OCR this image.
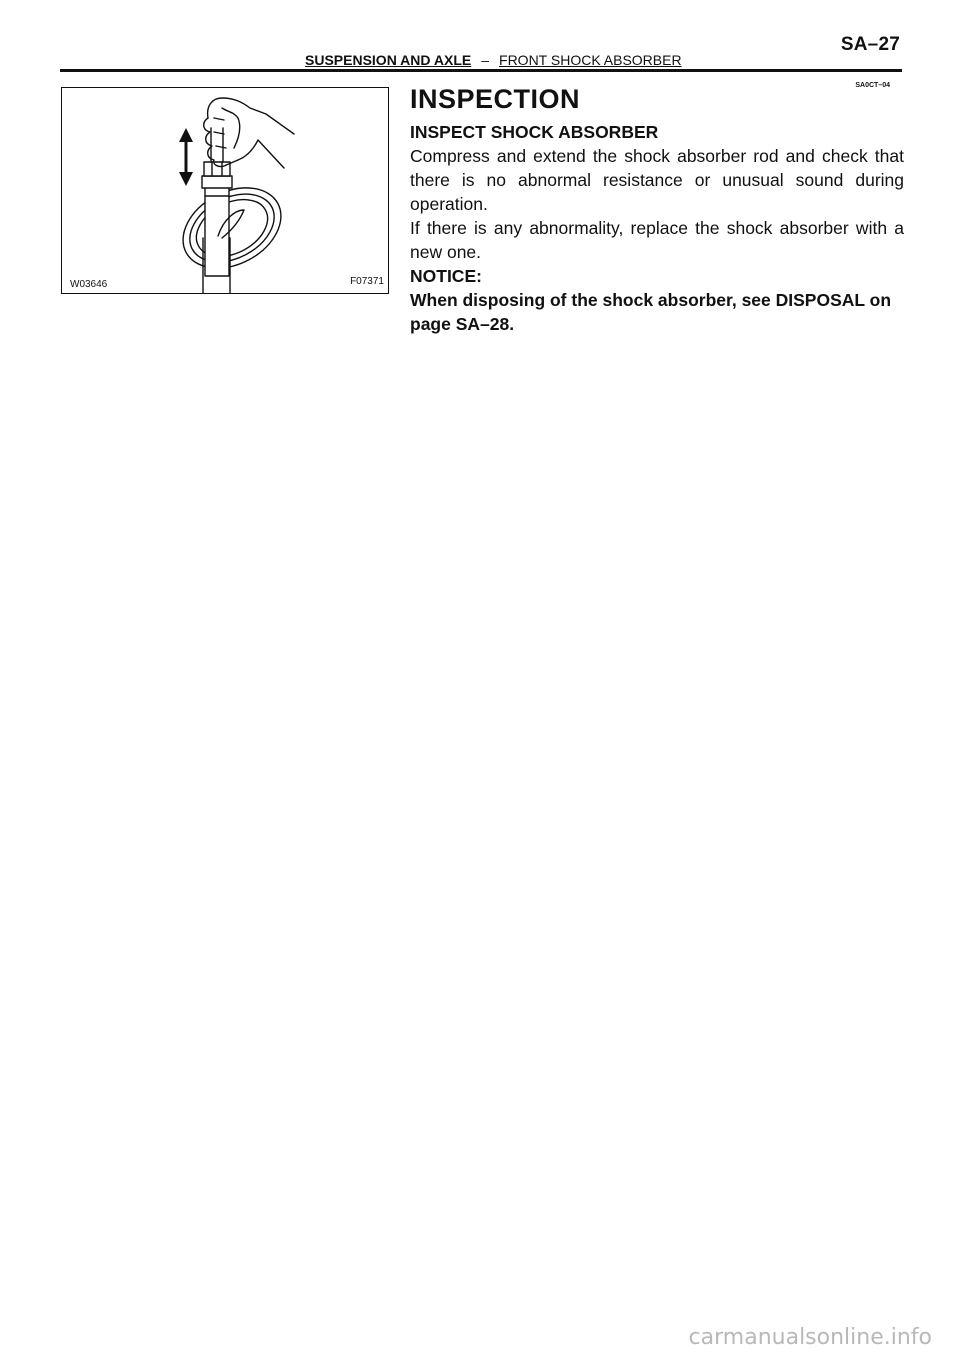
SA–27
SUSPENSION AND AXLE – FRONT SHOCK ABSORBER
SA0CT–04
W03646	F07371
INSPECTION
INSPECT SHOCK ABSORBER

Compress and extend the shock absorber rod and check that there is no abnormal resistance or unusual sound during operation.

If there is any abnormality, replace the shock absorber with a new one.

NOTICE:

When disposing of the shock absorber, see DISPOSAL on page SA–28.

carmanualsonline.info
